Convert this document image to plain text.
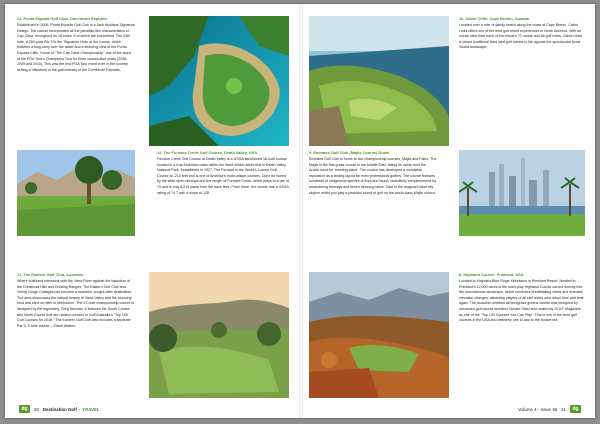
13. Punta Espada Golf Club, Dominican Republic

Established in 2006, Punta Espada Golf Club is a Jack Nicklaus Signature Design. The course incorporates all the paradise-like characteristics of Cap Cana; throughout its 18 holes, 8 of which are oceanfront. The 13th hole, a 250-yard Par 3 is the 'Signature Hole' of the course, which features a long carry over the water and a stunning view of the Punta Espada Cliffs. Home of "The Cap Cana Championship" one of the stops of the PGA Tour's Champions Tour for three consecutive years (2008, 2009 and 2010). This was the first PGA Tour event ever in the country setting a milestone in the golf industry of the Dominican Republic.

10. Cabot Cliffs, Cape Breton, Canada

Located over a mile of sandy beach along the coast of Cape Breton, Cabot Links offers one of the best golf resort experiences in North America. With an ocean view from each of the resort's 72 rooms and 36 golf holes, Cabot Links is where traditional links land golf comes to life against the spectacular Nova Scotia landscape.

12. The Furnace Creek Golf Course, Death Valley, USA

Furnace Creek Golf Course at Death Valley is a USGA sanctioned 18-hole course located in a true American oasis within the three million acres that is Death Valley National Park. Established in 1927, The Furnace is the World's Lowest Golf Course at -214 feet and is one of America's most unique courses. Don't be fooled by the wide-open fairways and the length of Furnace Creek, which plays to a par of 70 and is only 6,215 yards from the back tees. From there, the course has a USGA rating of 74.7 with a slope of 128.

9. Emirates Golf Club (Majlis Course) Dubai

Emirates Golf Club is home to two championship courses, Majlis and Faldo. The Majlis is the first grass course in the Middle East, taking its name from the Arabic word for 'meeting place'. The course has developed a worldwide reputation as a testing layout for even professional golfers. The course features hundreds of indigenous species of flora and fauna, beautifully complemented by meandering fairways and seven stunning lakes. Take in the magical Dubai city skyline whilst you play a peaceful round of golf on the world-class Majlis course.

11. The Eastern Golf Club, Australia

Where bushland intersects with the Yarra River against the backdrop of the Christmas Hills and Dividing Ranges, The Eastern Golf Club and Yering Gorge Cottages has become a beautiful, sought-after destination. The area showcases the natural beauty of Yarra Valley and the stunning food and wine on offer in Melbourne. The 27-hole championship course is designed by the legendary, Greg Norman. It features the South Course and North Course that are ranked courses in Golf Australia's "Top 100 Golf Courses for 2016." The Eastern Golf Club also includes a separate Par 3, 9-hole course – Shark Waters.

8. Highland Course, Primland, USA

Located in Virginia's Blue Ridge Mountains is Primland Resort. Nestled in Primland's 12,000 acres is the main-play Highland Course carved directly into the mountainous landscape, which combines breathtaking views and dramatic elevation changes, attracting players of all skill levels who return time and time again. The Audubon-certified all bentgrass greens course was designed by renowned golf course architect Donald Steel and ranked by GOLF Magazine as one of the "Top 100 Courses You Can Play." This is one of the best golf courses in the USA and definitely one to add to the bucket list!

dg	20 Destination Golf · TRAVEL	Volume 4 - Issue 46 21	dg
